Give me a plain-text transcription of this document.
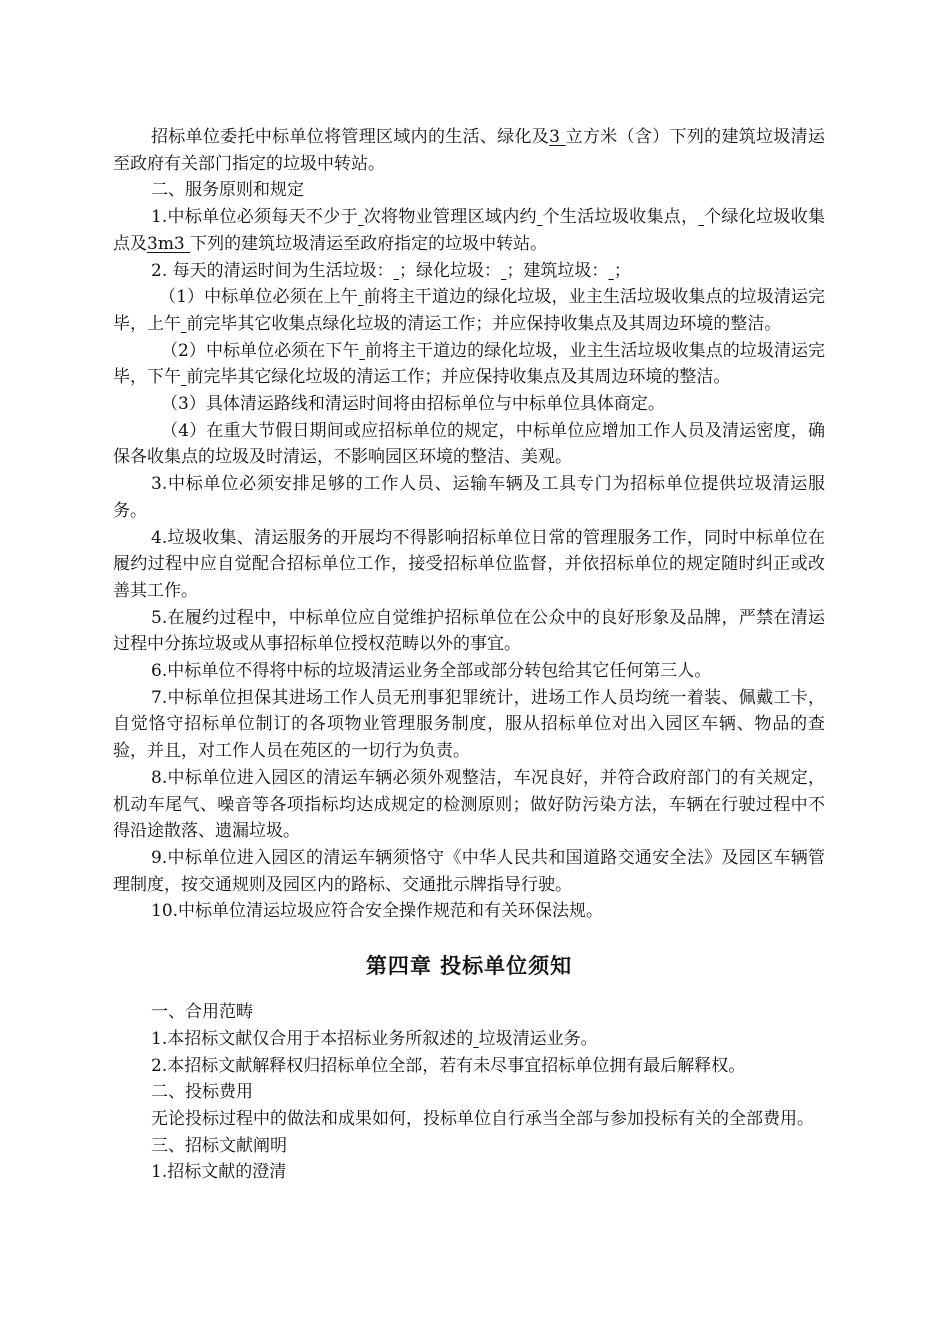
招标单位委托中标单位将管理区域内的生活、绿化及3 立方米（含）下列的建筑垃圾清运至政府有关部门指定的垃圾中转站。

二、服务原则和规定

1.中标单位必须每天不少于 次将物业管理区域内约 个生活垃圾收集点， 个绿化垃圾收集点及3m3 下列的建筑垃圾清运至政府指定的垃圾中转站。

2. 每天的清运时间为生活垃圾： ；绿化垃圾： ；建筑垃圾： ；

（1）中标单位必须在上午 前将主干道边的绿化垃圾，业主生活垃圾收集点的垃圾清运完毕，上午 前完毕其它收集点绿化垃圾的清运工作；并应保持收集点及其周边环境的整洁。

（2）中标单位必须在下午 前将主干道边的绿化垃圾，业主生活垃圾收集点的垃圾清运完毕，下午 前完毕其它绿化垃圾的清运工作；并应保持收集点及其周边环境的整洁。

（3）具体清运路线和清运时间将由招标单位与中标单位具体商定。

（4）在重大节假日期间或应招标单位的规定，中标单位应增加工作人员及清运密度，确保各收集点的垃圾及时清运，不影响园区环境的整洁、美观。

3.中标单位必须安排足够的工作人员、运输车辆及工具专门为招标单位提供垃圾清运服务。

4.垃圾收集、清运服务的开展均不得影响招标单位日常的管理服务工作，同时中标单位在履约过程中应自觉配合招标单位工作，接受招标单位监督，并依招标单位的规定随时纠正或改善其工作。

5.在履约过程中，中标单位应自觉维护招标单位在公众中的良好形象及品牌，严禁在清运过程中分拣垃圾或从事招标单位授权范畴以外的事宜。

6.中标单位不得将中标的垃圾清运业务全部或部分转包给其它任何第三人。

7.中标单位担保其进场工作人员无刑事犯罪统计，进场工作人员均统一着装、佩戴工卡，自觉恪守招标单位制订的各项物业管理服务制度，服从招标单位对出入园区车辆、物品的查验，并且，对工作人员在苑区的一切行为负责。

8.中标单位进入园区的清运车辆必须外观整洁，车况良好，并符合政府部门的有关规定，机动车尾气、噪音等各项指标均达成规定的检测原则；做好防污染方法，车辆在行驶过程中不得沿途散落、遗漏垃圾。

9.中标单位进入园区的清运车辆须恪守《中华人民共和国道路交通安全法》及园区车辆管理制度，按交通规则及园区内的路标、交通批示牌指导行驶。

10.中标单位清运垃圾应符合安全操作规范和有关环保法规。

第四章 投标单位须知

一、合用范畴

1.本招标文献仅合用于本招标业务所叙述的 垃圾清运业务。

2.本招标文献解释权归招标单位全部，若有未尽事宜招标单位拥有最后解释权。

二、投标费用

无论投标过程中的做法和成果如何，投标单位自行承当全部与参加投标有关的全部费用。

三、招标文献阐明

1.招标文献的澄清
